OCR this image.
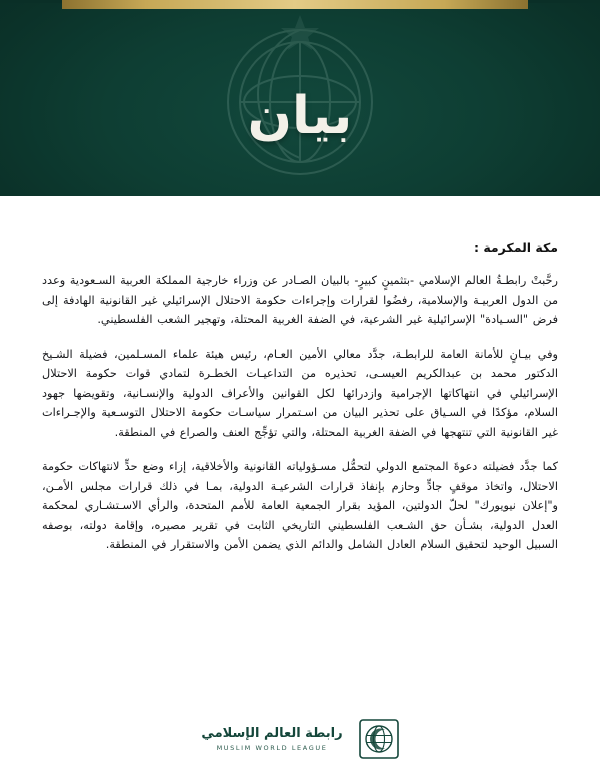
بيان
مكة المكرمة :

رحَّبتْ رابطـةُ العالم الإسلامي -بتثمينٍ كبيرٍ- بالبيان الصـادر عن وزراء خارجية المملكة العربية السـعودية وعدد من الدول العربيـة والإسلامية، رفضُوا لقرارات وإجراءات حكومة الاحتلال الإسرائيلي غير القانونية الهادفة إلى فرض "السـيادة" الإسرائيلية غير الشرعية، في الضفة الغربية المحتلة، وتهجير الشعب الفلسطيني.

وفي بيـانٍ للأمانة العامة للرابطـة، جدَّد معالي الأمين العـام، رئيس هيئة علماء المسـلمين، فضيلة الشـيخ الدكتور محمد بن عبدالكريم العيسـى، تحذيره من التداعيـات الخطـرة لتمادي قوات حكومة الاحتلال الإسرائيلي في انتهاكاتها الإجرامية وازدرائها لكل القوانين والأعراف الدولية والإنسـانية، وتقويضها جهود السلام، مؤكدًا في السـياق على تحذير البيان من اسـتمرار سياسـات حكومة الاحتلال التوسـعية والإجـراءات غير القانونية التي تنتهجها في الضفة الغربية المحتلة، والتي تؤجِّج العنف والصراع في المنطقة.

كما جدَّد فضيلته دعوةَ المجتمع الدولي لتحمُّل مسـؤولياته القانونية والأخلاقية، إزاء وضع حدٍّ لانتهاكات حكومة الاحتلال، واتخاذ موقفٍ جادٍّ وحازم بإنفاذ قرارات الشرعيـة الدولية، بمـا في ذلك قرارات مجلس الأمـن، و"إعلان نيويورك" لحلّ الدولتين، المؤيد بقرار الجمعية العامة للأمم المتحدة، والرأي الاسـتشـاري لمحكمة العدل الدولية، بشـأن حق الشـعب الفلسطيني التاريخي الثابت في تقرير مصيره، وإقامة دولته، بوصفه السبيل الوحيد لتحقيق السلام العادل الشامل والدائم الذي يضمن الأمن والاستقرار في المنطقة.

رابطة العالم الإسلامي
MUSLIM WORLD LEAGUE
